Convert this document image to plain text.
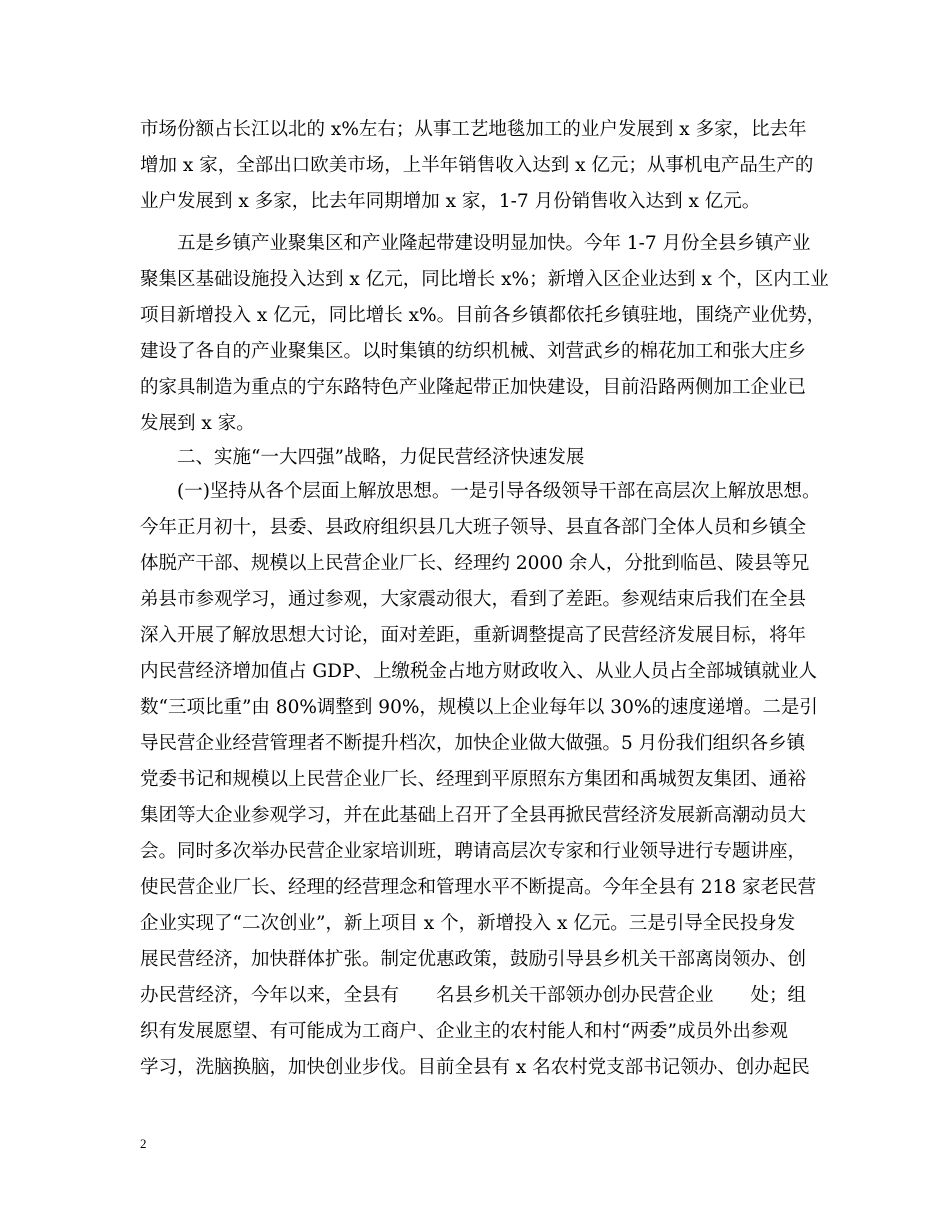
市场份额占长江以北的 x%左右；从事工艺地毯加工的业户发展到 x 多家，比去年
增加 x 家，全部出口欧美市场，上半年销售收入达到 x 亿元；从事机电产品生产的
业户发展到 x 多家，比去年同期增加 x 家，1-7 月份销售收入达到 x 亿元。
五是乡镇产业聚集区和产业隆起带建设明显加快。今年 1-7 月份全县乡镇产业
聚集区基础设施投入达到 x 亿元，同比增长 x%；新增入区企业达到 x 个，区内工业
项目新增投入 x 亿元，同比增长 x%。目前各乡镇都依托乡镇驻地，围绕产业优势，
建设了各自的产业聚集区。以时集镇的纺织机械、刘营武乡的棉花加工和张大庄乡
的家具制造为重点的宁东路特色产业隆起带正加快建设，目前沿路两侧加工企业已
发展到 x 家。
二、实施“一大四强”战略，力促民营经济快速发展
(一)坚持从各个层面上解放思想。一是引导各级领导干部在高层次上解放思想。
今年正月初十，县委、县政府组织县几大班子领导、县直各部门全体人员和乡镇全
体脱产干部、规模以上民营企业厂长、经理约 2000 余人，分批到临邑、陵县等兄
弟县市参观学习，通过参观，大家震动很大，看到了差距。参观结束后我们在全县
深入开展了解放思想大讨论，面对差距，重新调整提高了民营经济发展目标，将年
内民营经济增加值占 GDP、上缴税金占地方财政收入、从业人员占全部城镇就业人
数“三项比重”由 80%调整到 90%，规模以上企业每年以 30%的速度递增。二是引
导民营企业经营管理者不断提升档次，加快企业做大做强。5 月份我们组织各乡镇
党委书记和规模以上民营企业厂长、经理到平原照东方集团和禹城贺友集团、通裕
集团等大企业参观学习，并在此基础上召开了全县再掀民营经济发展新高潮动员大
会。同时多次举办民营企业家培训班，聘请高层次专家和行业领导进行专题讲座，
使民营企业厂长、经理的经营理念和管理水平不断提高。今年全县有 218 家老民营
企业实现了“二次创业”，新上项目 x 个，新增投入 x 亿元。三是引导全民投身发
展民营经济，加快群体扩张。制定优惠政策，鼓励引导县乡机关干部离岗领办、创
办民营经济，今年以来，全县有　　名县乡机关干部领办创办民营企业　　处；组
织有发展愿望、有可能成为工商户、企业主的农村能人和村“两委”成员外出参观
学习，洗脑换脑，加快创业步伐。目前全县有 x 名农村党支部书记领办、创办起民
2
